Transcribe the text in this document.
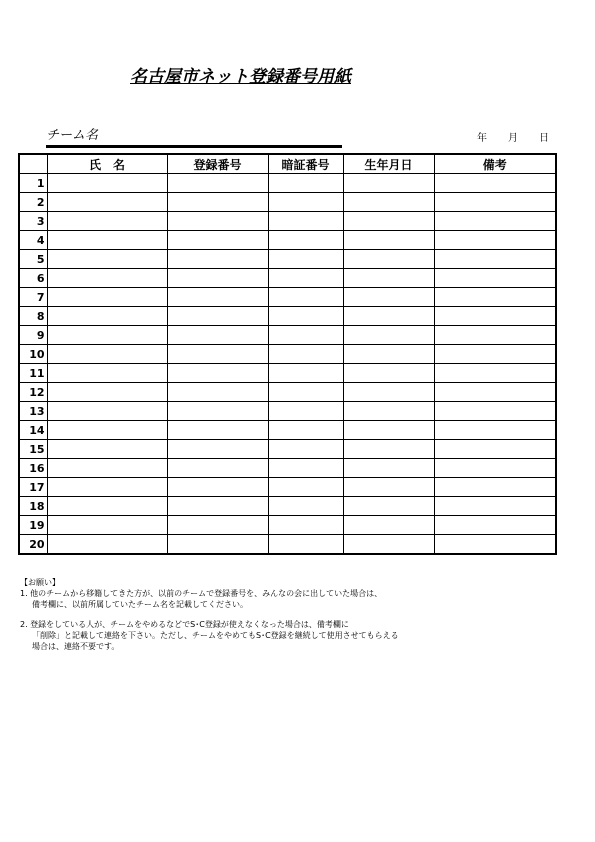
名古屋市ネット登録番号用紙
チーム名	年 月 日
	氏　名	登録番号	暗証番号	生年月日	備考
1					
2					
3					
4					
5					
6					
7					
8					
9					
10					
11					
12					
13					
14					
15					
16					
17					
18					
19					
20					
【お願い】
1. 他のチームから移籍してきた方が、以前のチームで登録番号を、みんなの会に出していた場合は、
備考欄に、以前所属していたチーム名を記載してください。
2. 登録をしている人が、チームをやめるなどでS･C登録が使えなくなった場合は、備考欄に
「削除」と記載して連絡を下さい。ただし、チームをやめてもS･C登録を継続して使用させてもらえる
場合は、連絡不要です。
